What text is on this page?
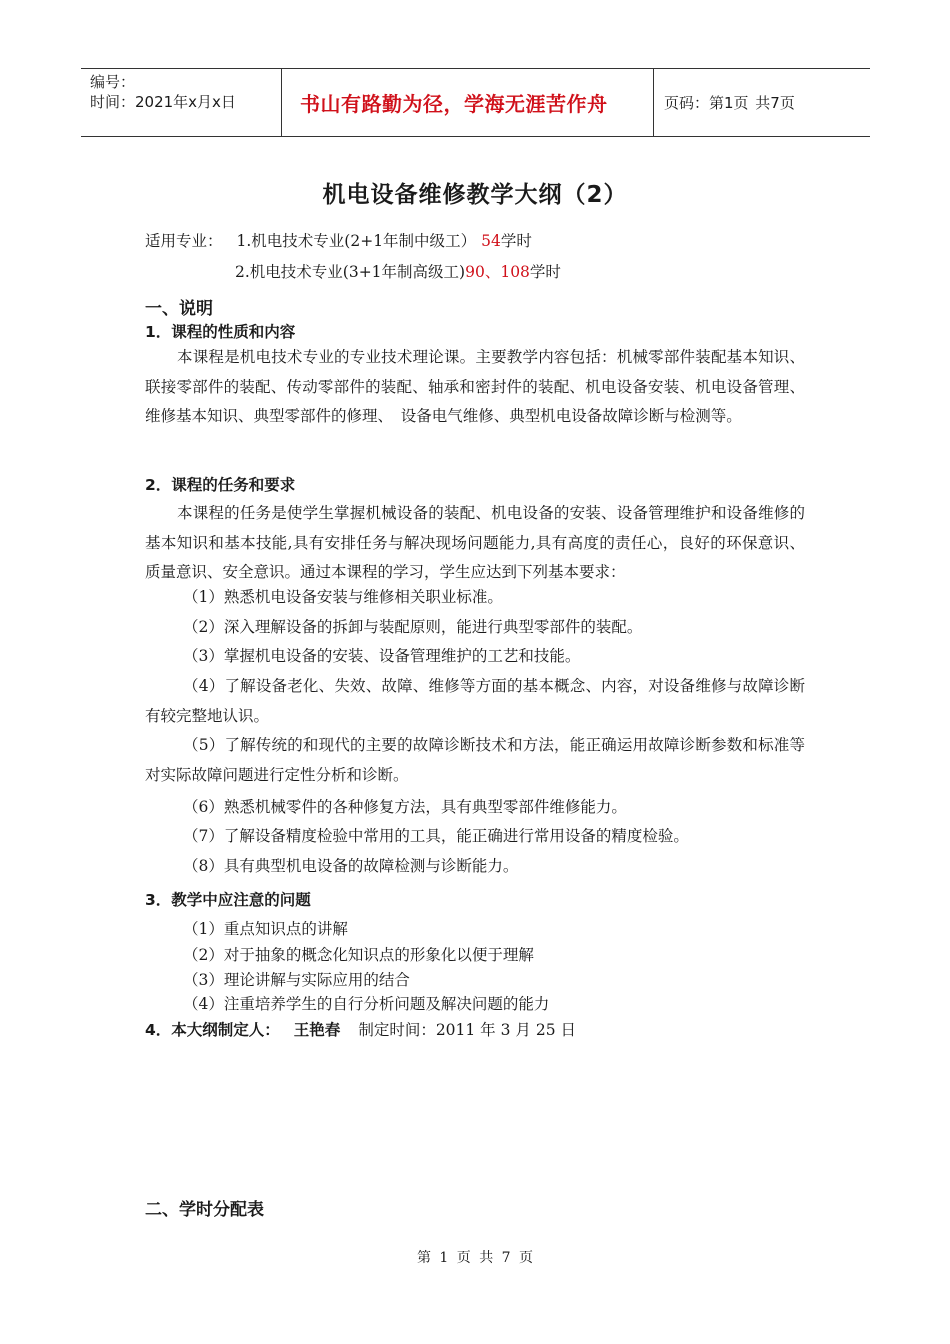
编号：
时间：2021年x月x日	书山有路勤为径，学海无涯苦作舟	页码：第1页 共7页
机电设备维修教学大纲（2）
适用专业： 1.机电技术专业(2+1年制中级工） 54学时
2.机电技术专业(3+1年制高级工)90、108学时
一、说明
1．课程的性质和内容
本课程是机电技术专业的专业技术理论课。主要教学内容包括：机械零部件装配基本知识、联接零部件的装配、传动零部件的装配、轴承和密封件的装配、机电设备安装、机电设备管理、维修基本知识、典型零部件的修理、　设备电气维修、典型机电设备故障诊断与检测等。
2．课程的任务和要求
本课程的任务是使学生掌握机械设备的装配、机电设备的安装、设备管理维护和设备维修的基本知识和基本技能,具有安排任务与解决现场问题能力,具有高度的责任心，良好的环保意识、质量意识、安全意识。通过本课程的学习，学生应达到下列基本要求：
（1）熟悉机电设备安装与维修相关职业标准。
（2）深入理解设备的拆卸与装配原则，能进行典型零部件的装配。
（3）掌握机电设备的安装、设备管理维护的工艺和技能。
（4）了解设备老化、失效、故障、维修等方面的基本概念、内容，对设备维修与故障诊断有较完整地认识。
（5）了解传统的和现代的主要的故障诊断技术和方法，能正确运用故障诊断参数和标准等对实际故障问题进行定性分析和诊断。
（6）熟悉机械零件的各种修复方法，具有典型零部件维修能力。
（7）了解设备精度检验中常用的工具，能正确进行常用设备的精度检验。
（8）具有典型机电设备的故障检测与诊断能力。
3．教学中应注意的问题
（1）重点知识点的讲解
（2）对于抽象的概念化知识点的形象化以便于理解
（3）理论讲解与实际应用的结合
（4）注重培养学生的自行分析问题及解决问题的能力
4．本大纲制定人： 王艳春 制定时间：2011 年 3 月 25 日
二、学时分配表
第 1 页 共 7 页
